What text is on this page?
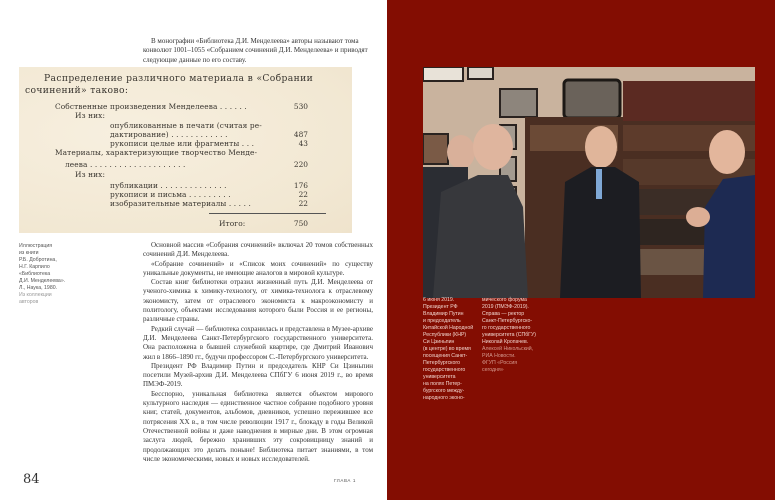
В монографии «Библиотека Д.И. Менделеева» авторы называют тома конволют 1001–1055 «Собранием сочинений Д.И. Менделеева» и приводят следующие данные по его составу.

Распределение различного материала в «Собрании сочинений» таково:

Собственные произведения Менделеева . . . . . .	530
Из них:
опубликованные в печати (считая ре-
дактирование) . . . . . . . . . . . .	487
рукописи целые или фрагменты . . .	43
Материалы, характеризующие творчество Менде-
леева . . . . . . . . . . . . . . . . . . . .	220
Из них:
публикации . . . . . . . . . . . . . .	176
рукописи и письма . . . . . . . . .	22
изобразительные материалы . . . . .	22
Итого:	750
Иллюстрация
из книги
Р.Б. Добротина,
Н.Г. Карпило
«Библиотека
Д.И. Менделеева».
Л., Наука, 1980.
Из коллекции
авторов

Основной массив «Собрания сочинений» включал 20 томов собственных сочинений Д.И. Менделеева.

«Собрание сочинений» и «Список моих сочинений» по существу уникальные документы, не имеющие аналогов в мировой культуре.

Состав книг библиотеки отразил жизненный путь Д.И. Менделеева от ученого-химика к химику-технологу, от химика-технолога к отраслевому экономисту, затем от отраслевого экономиста к макроэкономисту и политологу, объектами исследования которого были Россия и ее регионы, различные страны.

Редкий случай — библиотека сохранилась и представлена в Музее-архиве Д.И. Менделеева Санкт-Петербургского государственного университета. Она расположена в бывшей служебной квартире, где Дмитрий Иванович жил в 1866–1890 гг., будучи профессором С.-Петербургского университета.

Президент РФ Владимир Путин и председатель КНР Си Цзиньпин посетили Музей-архив Д.И. Менделеева СПбГУ 6 июня 2019 г., во время ПМЭФ-2019.

Бесспорно, уникальная библиотека является объектом мирового культурного наследия — единственное частное собрание подобного уровня книг, статей, документов, альбомов, дневников, успешно пережившее все потрясения XX в., в том числе революции 1917 г., блокаду в годы Великой Отечественной войны и даже наводнения в мирные дни. В этом огромная заслуга людей, бережно хранивших эту сокровищницу знаний и продолжающих это делать поныне! Библиотека питает знаниями, в том числе экономическими, новых и новых исследователей.

84	ГЛАВА 1
6 июня 2019.
Президент РФ
Владимир Путин
и председатель
Китайской Народной
Республики (КНР)
Си Цзиньпин
(в центре) во время
посещения Санкт-
Петербургского
государственного
университета
на полях Петер-
бургского между-
народного эконо-
мического форума
2019 (ПМЭФ-2019).
Справа — ректор
Санкт-Петербургско-
го государственного
университета (СПбГУ)
Николай Кропачев.
Алексей Никольский,
РИА Новости.
ФГУП «Россия
сегодня»
